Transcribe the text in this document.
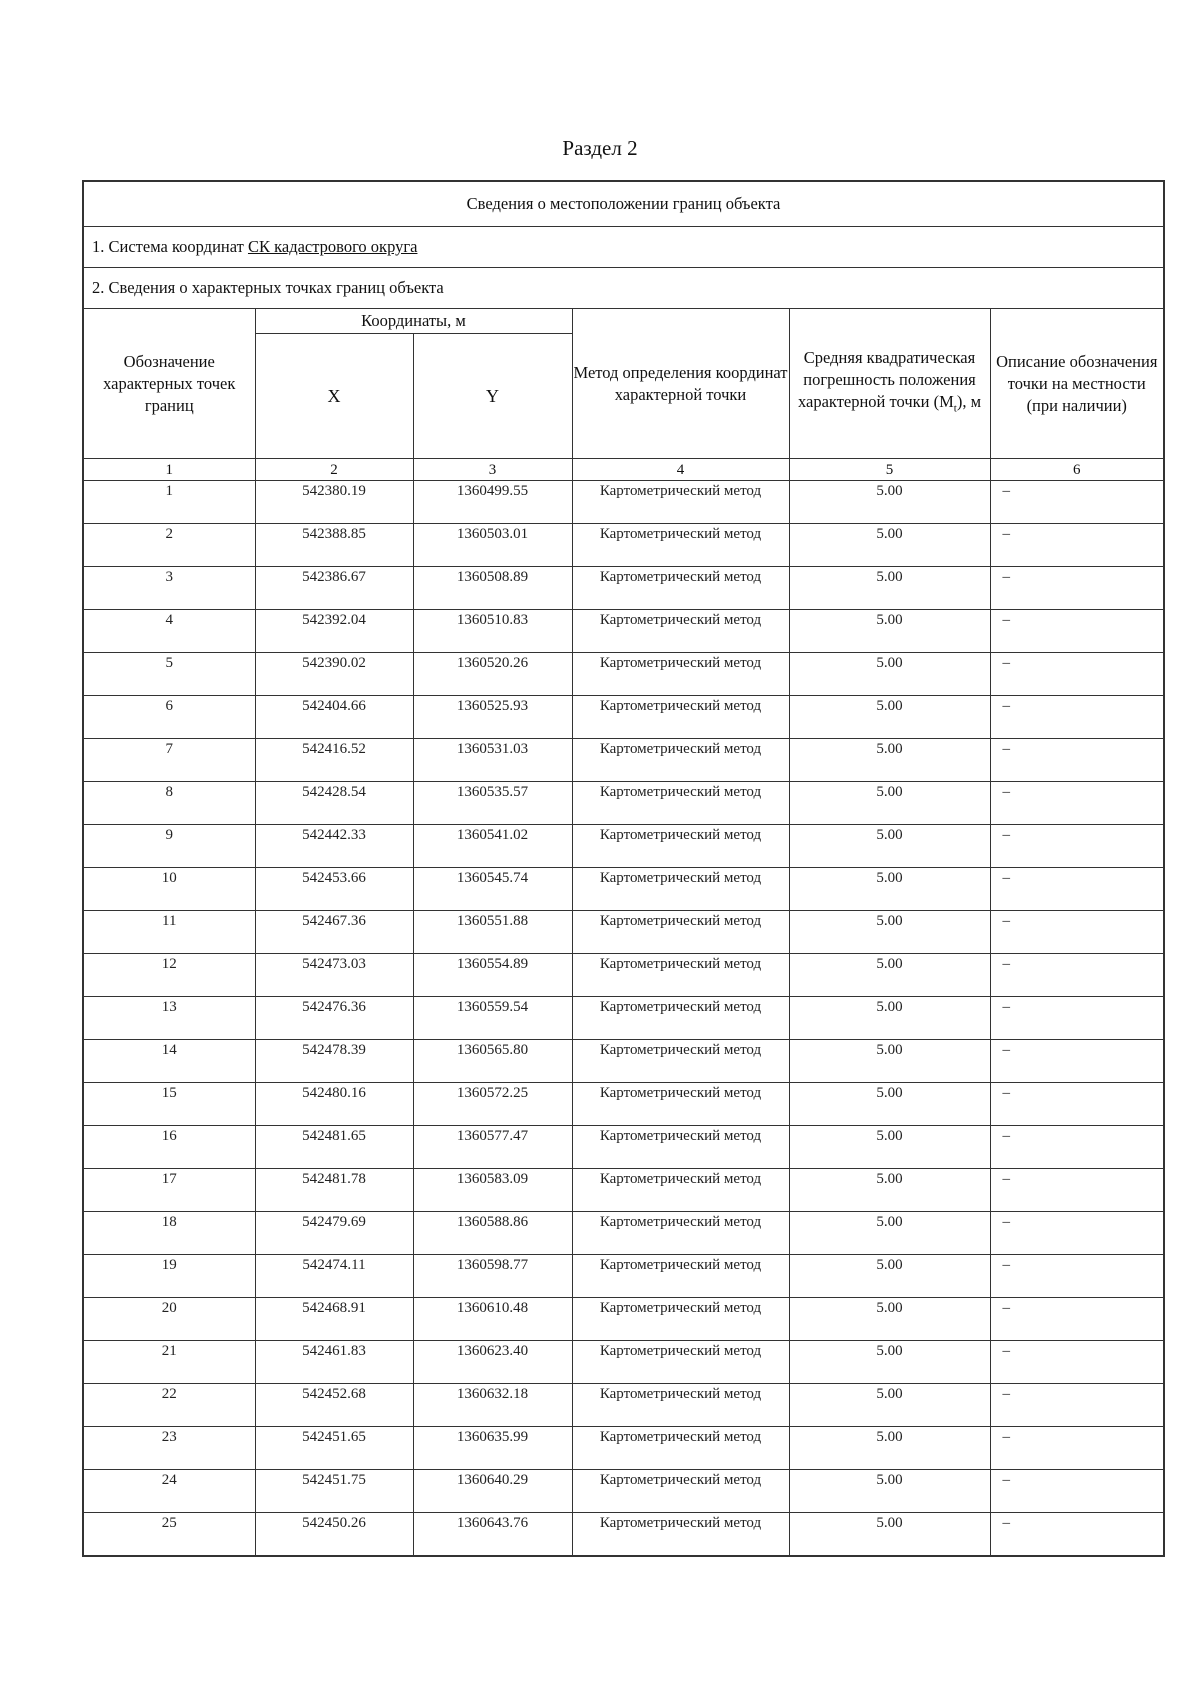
Раздел 2
Сведения о местоположении границ объекта					
1. Система координат СК кадастрового округа					
2. Сведения о характерных точках границ объекта					
Обозначение характерных точек границ	Координаты, м		Метод определения координат характерной точки	Средняя квадратическая погрешность положения характерной точки $(M_t)$, м	Описание обозначения точки на местности (при наличии)
	X	Y			
1	2	3	4	5	6
1	542380.19	1360499.55	Картометрический метод	5.00	–
2	542388.85	1360503.01	Картометрический метод	5.00	–
3	542386.67	1360508.89	Картометрический метод	5.00	–
4	542392.04	1360510.83	Картометрический метод	5.00	–
5	542390.02	1360520.26	Картометрический метод	5.00	–
6	542404.66	1360525.93	Картометрический метод	5.00	–
7	542416.52	1360531.03	Картометрический метод	5.00	–
8	542428.54	1360535.57	Картометрический метод	5.00	–
9	542442.33	1360541.02	Картометрический метод	5.00	–
10	542453.66	1360545.74	Картометрический метод	5.00	–
11	542467.36	1360551.88	Картометрический метод	5.00	–
12	542473.03	1360554.89	Картометрический метод	5.00	–
13	542476.36	1360559.54	Картометрический метод	5.00	–
14	542478.39	1360565.80	Картометрический метод	5.00	–
15	542480.16	1360572.25	Картометрический метод	5.00	–
16	542481.65	1360577.47	Картометрический метод	5.00	–
17	542481.78	1360583.09	Картометрический метод	5.00	–
18	542479.69	1360588.86	Картометрический метод	5.00	–
19	542474.11	1360598.77	Картометрический метод	5.00	–
20	542468.91	1360610.48	Картометрический метод	5.00	–
21	542461.83	1360623.40	Картометрический метод	5.00	–
22	542452.68	1360632.18	Картометрический метод	5.00	–
23	542451.65	1360635.99	Картометрический метод	5.00	–
24	542451.75	1360640.29	Картометрический метод	5.00	–
25	542450.26	1360643.76	Картометрический метод	5.00	–
